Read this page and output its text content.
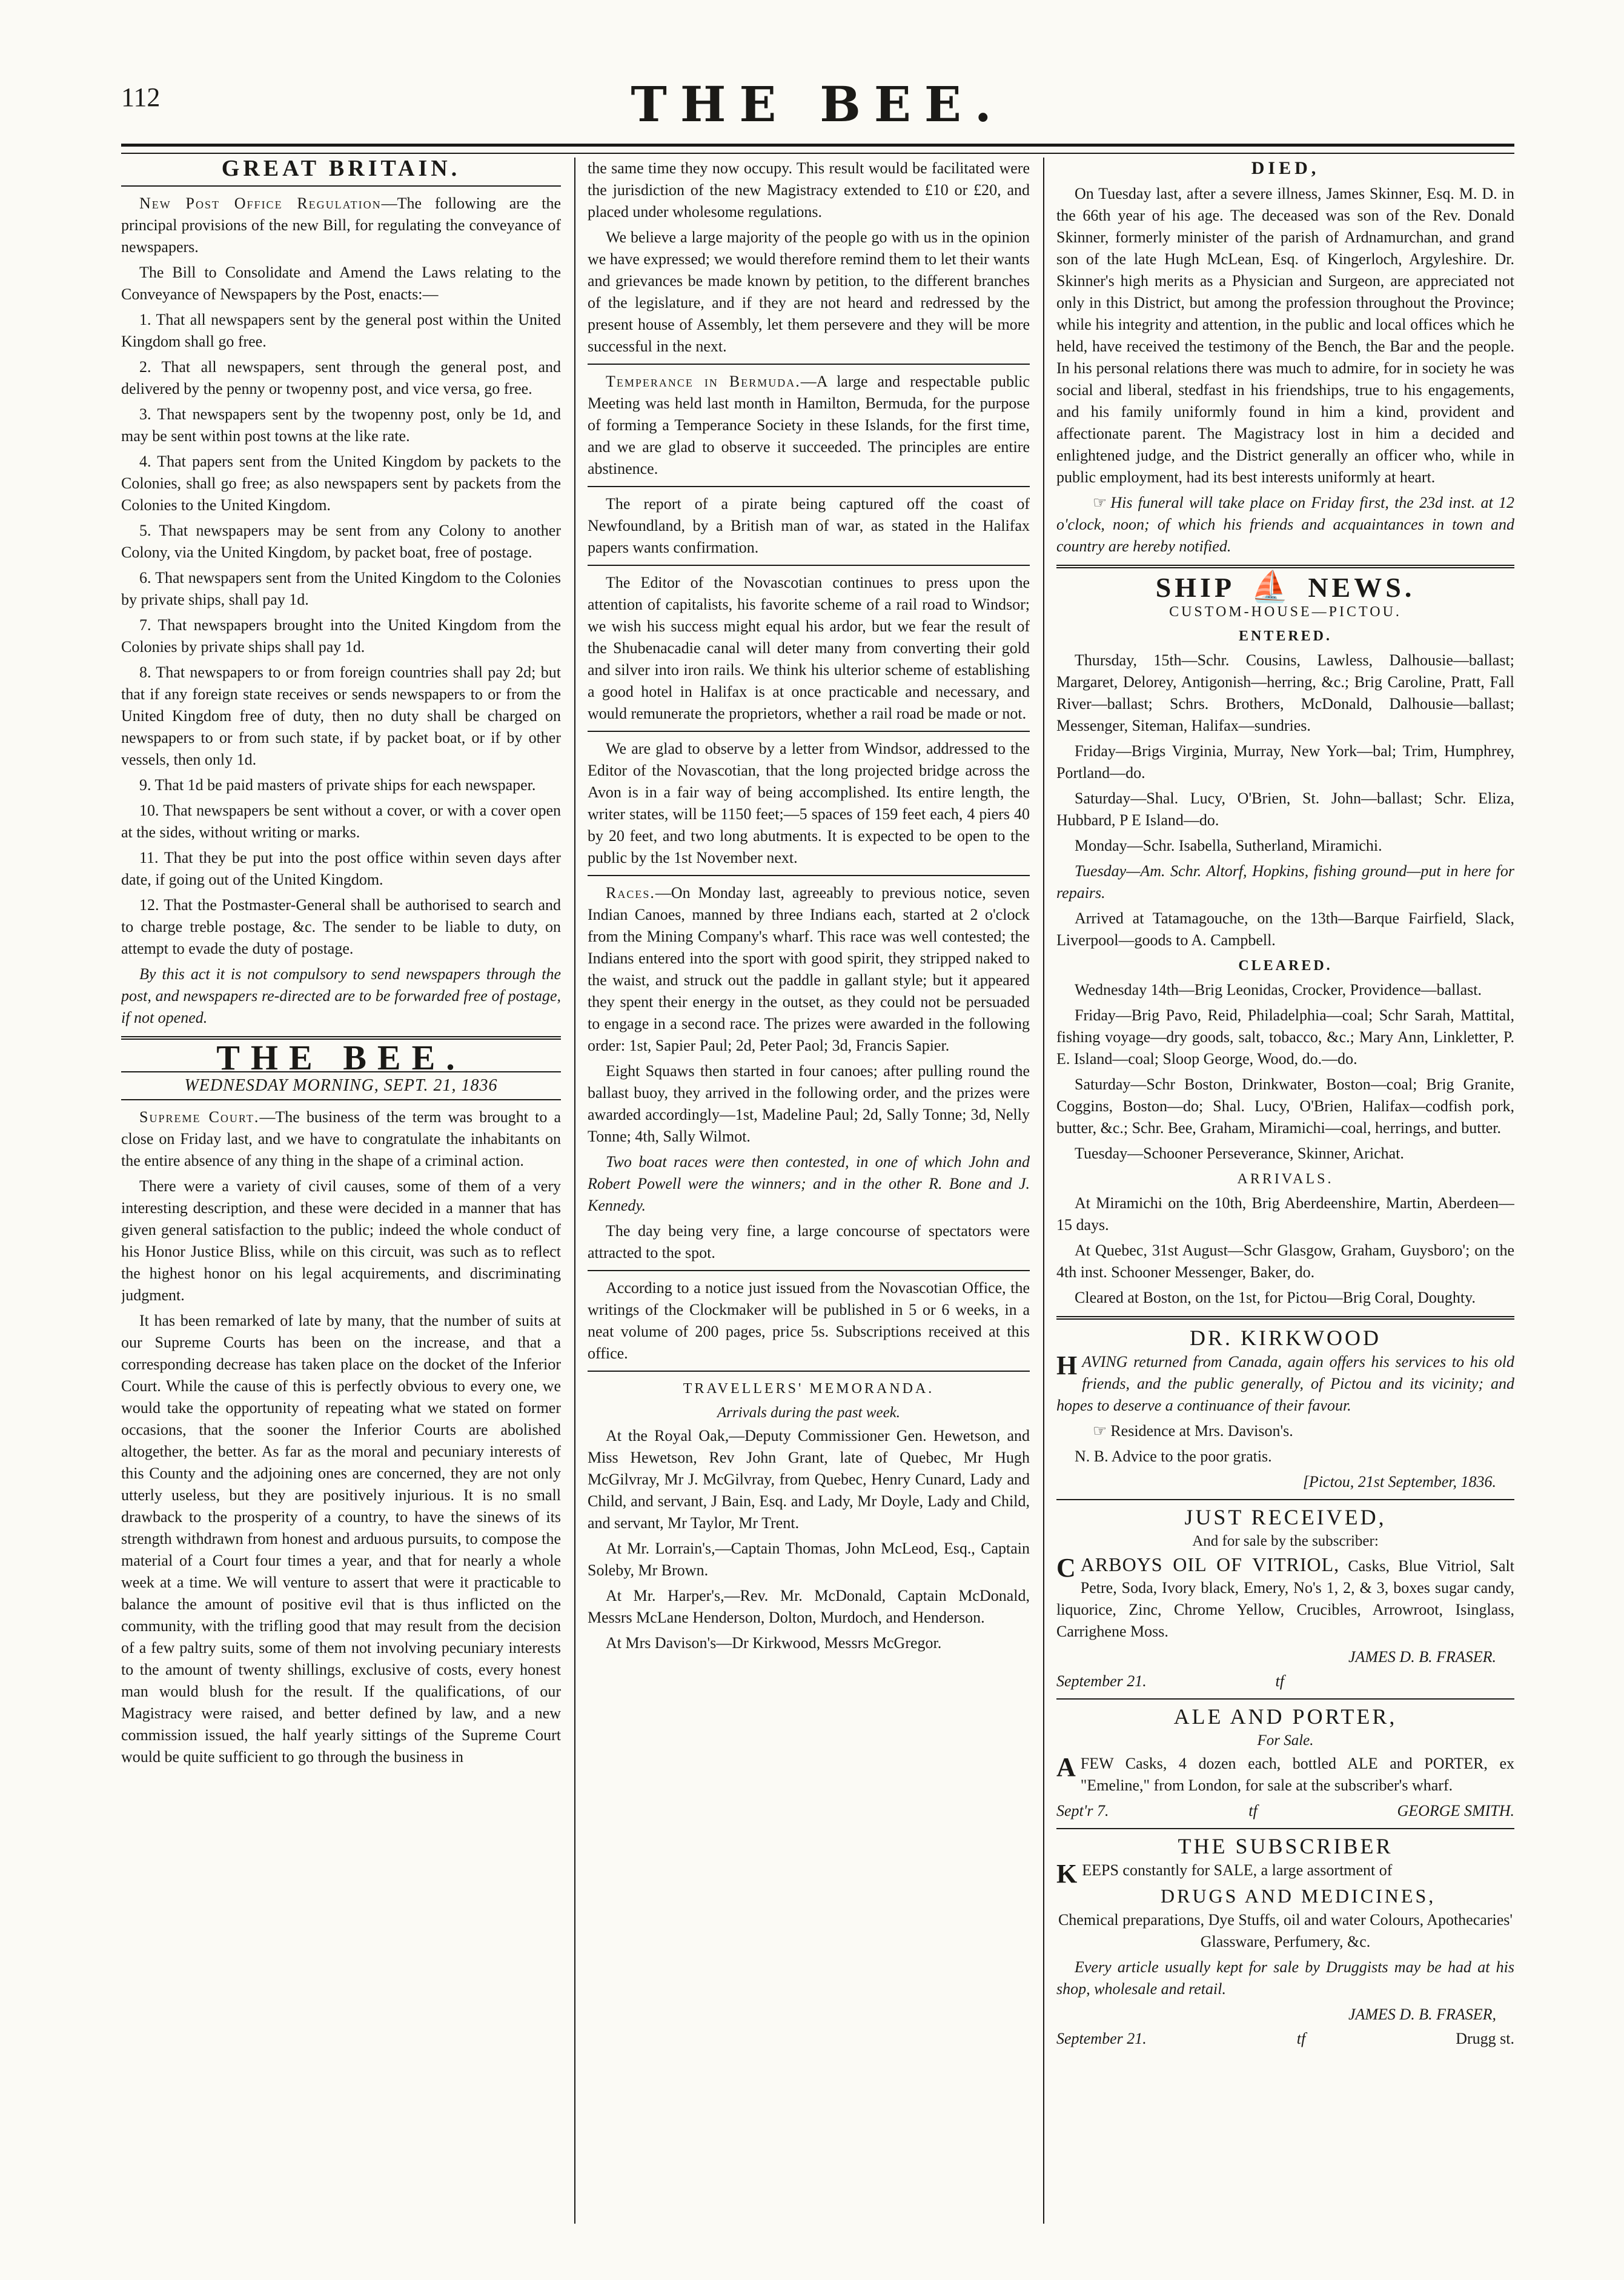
112	THE BEE.
GREAT BRITAIN.

New Post Office Regulation—The following are the principal provisions of the new Bill, for regulating the conveyance of newspapers.

The Bill to Consolidate and Amend the Laws relating to the Conveyance of Newspapers by the Post, enacts:—

1. That all newspapers sent by the general post within the United Kingdom shall go free.

2. That all newspapers, sent through the general post, and delivered by the penny or twopenny post, and vice versa, go free.

3. That newspapers sent by the twopenny post, only be 1d, and may be sent within post towns at the like rate.

4. That papers sent from the United Kingdom by packets to the Colonies, shall go free; as also newspapers sent by packets from the Colonies to the United Kingdom.

5. That newspapers may be sent from any Colony to another Colony, via the United Kingdom, by packet boat, free of postage.

6. That newspapers sent from the United Kingdom to the Colonies by private ships, shall pay 1d.

7. That newspapers brought into the United Kingdom from the Colonies by private ships shall pay 1d.

8. That newspapers to or from foreign countries shall pay 2d; but that if any foreign state receives or sends newspapers to or from the United Kingdom free of duty, then no duty shall be charged on newspapers to or from such state, if by packet boat, or if by other vessels, then only 1d.

9. That 1d be paid masters of private ships for each newspaper.

10. That newspapers be sent without a cover, or with a cover open at the sides, without writing or marks.

11. That they be put into the post office within seven days after date, if going out of the United Kingdom.

12. That the Postmaster-General shall be authorised to search and to charge treble postage, &c. The sender to be liable to duty, on attempt to evade the duty of postage.

By this act it is not compulsory to send newspapers through the post, and newspapers re-directed are to be forwarded free of postage, if not opened.

THE BEE.
WEDNESDAY MORNING, SEPT. 21, 1836

Supreme Court.—The business of the term was brought to a close on Friday last, and we have to congratulate the inhabitants on the entire absence of any thing in the shape of a criminal action.

There were a variety of civil causes, some of them of a very interesting description, and these were decided in a manner that has given general satisfaction to the public; indeed the whole conduct of his Honor Justice Bliss, while on this circuit, was such as to reflect the highest honor on his legal acquirements, and discriminating judgment.

It has been remarked of late by many, that the number of suits at our Supreme Courts has been on the increase, and that a corresponding decrease has taken place on the docket of the Inferior Court. While the cause of this is perfectly obvious to every one, we would take the opportunity of repeating what we stated on former occasions, that the sooner the Inferior Courts are abolished altogether, the better. As far as the moral and pecuniary interests of this County and the adjoining ones are concerned, they are not only utterly useless, but they are positively injurious. It is no small drawback to the prosperity of a country, to have the sinews of its strength withdrawn from honest and arduous pursuits, to compose the material of a Court four times a year, and that for nearly a whole week at a time. We will venture to assert that were it practicable to balance the amount of positive evil that is thus inflicted on the community, with the trifling good that may result from the decision of a few paltry suits, some of them not involving pecuniary interests to the amount of twenty shillings, exclusive of costs, every honest man would blush for the result. If the qualifications, of our Magistracy were raised, and better defined by law, and a new commission issued, the half yearly sittings of the Supreme Court would be quite sufficient to go through the business in

the same time they now occupy. This result would be facilitated were the jurisdiction of the new Magistracy extended to £10 or £20, and placed under wholesome regulations.

We believe a large majority of the people go with us in the opinion we have expressed; we would therefore remind them to let their wants and grievances be made known by petition, to the different branches of the legislature, and if they are not heard and redressed by the present house of Assembly, let them persevere and they will be more successful in the next.

Temperance in Bermuda.—A large and respectable public Meeting was held last month in Hamilton, Bermuda, for the purpose of forming a Temperance Society in these Islands, for the first time, and we are glad to observe it succeeded. The principles are entire abstinence.

The report of a pirate being captured off the coast of Newfoundland, by a British man of war, as stated in the Halifax papers wants confirmation.

The Editor of the Novascotian continues to press upon the attention of capitalists, his favorite scheme of a rail road to Windsor; we wish his success might equal his ardor, but we fear the result of the Shubenacadie canal will deter many from converting their gold and silver into iron rails. We think his ulterior scheme of establishing a good hotel in Halifax is at once practicable and necessary, and would remunerate the proprietors, whether a rail road be made or not.

We are glad to observe by a letter from Windsor, addressed to the Editor of the Novascotian, that the long projected bridge across the Avon is in a fair way of being accomplished. Its entire length, the writer states, will be 1150 feet;—5 spaces of 159 feet each, 4 piers 40 by 20 feet, and two long abutments. It is expected to be open to the public by the 1st November next.

Races.—On Monday last, agreeably to previous notice, seven Indian Canoes, manned by three Indians each, started at 2 o'clock from the Mining Company's wharf. This race was well contested; the Indians entered into the sport with good spirit, they stripped naked to the waist, and struck out the paddle in gallant style; but it appeared they spent their energy in the outset, as they could not be persuaded to engage in a second race. The prizes were awarded in the following order: 1st, Sapier Paul; 2d, Peter Paol; 3d, Francis Sapier.

Eight Squaws then started in four canoes; after pulling round the ballast buoy, they arrived in the following order, and the prizes were awarded accordingly—1st, Madeline Paul; 2d, Sally Tonne; 3d, Nelly Tonne; 4th, Sally Wilmot.

Two boat races were then contested, in one of which John and Robert Powell were the winners; and in the other R. Bone and J. Kennedy.

The day being very fine, a large concourse of spectators were attracted to the spot.

According to a notice just issued from the Novascotian Office, the writings of the Clockmaker will be published in 5 or 6 weeks, in a neat volume of 200 pages, price 5s. Subscriptions received at this office.

TRAVELLERS' MEMORANDA.
Arrivals during the past week.

At the Royal Oak,—Deputy Commissioner Gen. Hewetson, and Miss Hewetson, Rev John Grant, late of Quebec, Mr Hugh McGilvray, Mr J. McGilvray, from Quebec, Henry Cunard, Lady and Child, and servant, J Bain, Esq. and Lady, Mr Doyle, Lady and Child, and servant, Mr Taylor, Mr Trent.

At Mr. Lorrain's,—Captain Thomas, John McLeod, Esq., Captain Soleby, Mr Brown.

At Mr. Harper's,—Rev. Mr. McDonald, Captain McDonald, Messrs McLane Henderson, Dolton, Murdoch, and Henderson.

At Mrs Davison's—Dr Kirkwood, Messrs McGregor.

DIED,

On Tuesday last, after a severe illness, James Skinner, Esq. M. D. in the 66th year of his age. The deceased was son of the Rev. Donald Skinner, formerly minister of the parish of Ardnamurchan, and grand son of the late Hugh McLean, Esq. of Kingerloch, Argyleshire. Dr. Skinner's high merits as a Physician and Surgeon, are appreciated not only in this District, but among the profession throughout the Province; while his integrity and attention, in the public and local offices which he held, have received the testimony of the Bench, the Bar and the people. In his personal relations there was much to admire, for in society he was social and liberal, stedfast in his friendships, true to his engagements, and his family uniformly found in him a kind, provident and affectionate parent. The Magistracy lost in him a decided and enlightened judge, and the District generally an officer who, while in public employment, had its best interests uniformly at heart.

☞ His funeral will take place on Friday first, the 23d inst. at 12 o'clock, noon; of which his friends and acquaintances in town and country are hereby notified.

SHIP ⛵ NEWS.
CUSTOM-HOUSE—PICTOU.
ENTERED.

Thursday, 15th—Schr. Cousins, Lawless, Dalhousie—ballast; Margaret, Delorey, Antigonish—herring, &c.; Brig Caroline, Pratt, Fall River—ballast; Schrs. Brothers, McDonald, Dalhousie—ballast; Messenger, Siteman, Halifax—sundries.

Friday—Brigs Virginia, Murray, New York—bal; Trim, Humphrey, Portland—do.

Saturday—Shal. Lucy, O'Brien, St. John—ballast; Schr. Eliza, Hubbard, P E Island—do.

Monday—Schr. Isabella, Sutherland, Miramichi.

Tuesday—Am. Schr. Altorf, Hopkins, fishing ground—put in here for repairs.

Arrived at Tatamagouche, on the 13th—Barque Fairfield, Slack, Liverpool—goods to A. Campbell.

CLEARED.

Wednesday 14th—Brig Leonidas, Crocker, Providence—ballast.

Friday—Brig Pavo, Reid, Philadelphia—coal; Schr Sarah, Mattital, fishing voyage—dry goods, salt, tobacco, &c.; Mary Ann, Linkletter, P. E. Island—coal; Sloop George, Wood, do.—do.

Saturday—Schr Boston, Drinkwater, Boston—coal; Brig Granite, Coggins, Boston—do; Shal. Lucy, O'Brien, Halifax—codfish pork, butter, &c.; Schr. Bee, Graham, Miramichi—coal, herrings, and butter.

Tuesday—Schooner Perseverance, Skinner, Arichat.

ARRIVALS.

At Miramichi on the 10th, Brig Aberdeenshire, Martin, Aberdeen—15 days.

At Quebec, 31st August—Schr Glasgow, Graham, Guysboro'; on the 4th inst. Schooner Messenger, Baker, do.

Cleared at Boston, on the 1st, for Pictou—Brig Coral, Doughty.

DR. KIRKWOOD

HAVING returned from Canada, again offers his services to his old friends, and the public generally, of Pictou and its vicinity; and hopes to deserve a continuance of their favour.

☞ Residence at Mrs. Davison's.

N. B. Advice to the poor gratis.

[Pictou, 21st September, 1836.
JUST RECEIVED,
And for sale by the subscriber:

C ARBOYS OIL OF VITRIOL, Casks, Blue Vitriol, Salt Petre, Soda, Ivory black, Emery, No's 1, 2, & 3, boxes sugar candy, liquorice, Zinc, Chrome Yellow, Crucibles, Arrowroot, Isinglass, Carrighene Moss.

JAMES D. B. FRASER.
September 21.	tf
ALE AND PORTER,
For Sale.

AFEW Casks, 4 dozen each, bottled ALE and PORTER, ex "Emeline," from London, for sale at the subscriber's wharf.

Sept'r 7.	tf	GEORGE SMITH.
THE SUBSCRIBER

KEEPS constantly for SALE, a large assortment of

DRUGS AND MEDICINES,

Chemical preparations, Dye Stuffs, oil and water Colours, Apothecaries' Glassware, Perfumery, &c.

Every article usually kept for sale by Druggists may be had at his shop, wholesale and retail.

JAMES D. B. FRASER,
September 21.	tf	Drugg st.
